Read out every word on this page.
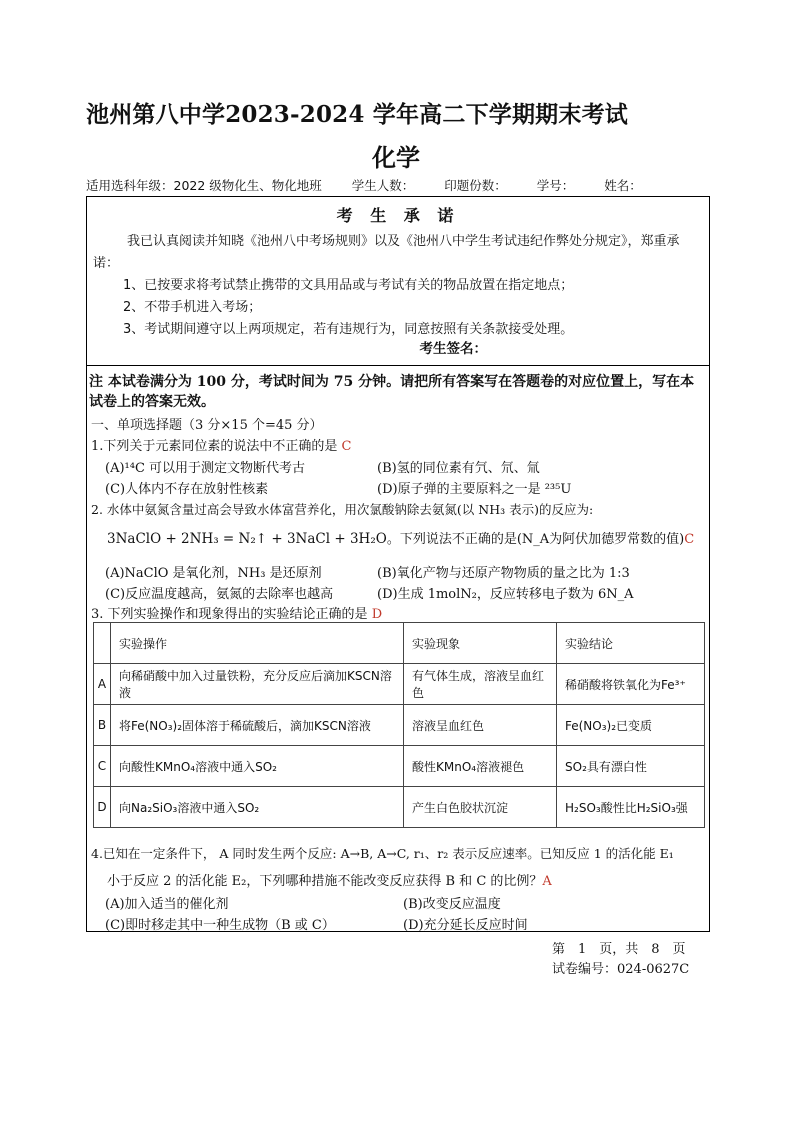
池州第八中学2023-2024 学年高二下学期期末考试
化学
适用选科年级：2022 级物化生、物化地班 学生人数： 印题份数： 学号： 姓名：
考 生 承 诺

我已认真阅读并知晓《池州八中考场规则》以及《池州八中学生考试违纪作弊处分规定》，郑重承诺：

1、已按要求将考试禁止携带的文具用品或与考试有关的物品放置在指定地点；

2、不带手机进入考场；

3、考试期间遵守以上两项规定，若有违规行为，同意按照有关条款接受处理。

考生签名：
注 本试卷满分为 100 分，考试时间为 75 分钟。请把所有答案写在答题卷的对应位置上，写在本试卷上的答案无效。
一、单项选择题（3 分×15 个=45 分）
1.下列关于元素同位素的说法中不正确的是 C
(A)¹⁴C 可以用于测定文物断代考古	(B)氢的同位素有氕、氘、氚
(C)人体内不存在放射性核素	(D)原子弹的主要原料之一是 ²³⁵U
2. 水体中氨氮含量过高会导致水体富营养化，用次氯酸钠除去氨氮(以 NH₃ 表示)的反应为:
3NaClO + 2NH₃ = N₂↑ + 3NaCl + 3H₂O。下列说法不正确的是(N_A为阿伏加德罗常数的值)C
(A)NaClO 是氧化剂，NH₃ 是还原剂	(B)氧化产物与还原产物物质的量之比为 1:3
(C)反应温度越高，氨氮的去除率也越高	(D)生成 1molN₂，反应转移电子数为 6N_A
3. 下列实验操作和现象得出的实验结论正确的是 D
	实验操作	实验现象	实验结论
A	向稀硝酸中加入过量铁粉，充分反应后滴加KSCN溶液	有气体生成，溶液呈血红色	稀硝酸将铁氧化为Fe³⁺
B	将Fe(NO₃)₂固体溶于稀硫酸后，滴加KSCN溶液	溶液呈血红色	Fe(NO₃)₂已变质
C	向酸性KMnO₄溶液中通入SO₂	酸性KMnO₄溶液褪色	SO₂具有漂白性
D	向Na₂SiO₃溶液中通入SO₂	产生白色胶状沉淀	H₂SO₃酸性比H₂SiO₃强
4.已知在一定条件下， A 同时发生两个反应: A→B, A→C, r₁、r₂ 表示反应速率。已知反应 1 的活化能 E₁
小于反应 2 的活化能 E₂，下列哪种措施不能改变反应获得 B 和 C 的比例？A
(A)加入适当的催化剂	(B)改变反应温度
(C)即时移走其中一种生成物（B 或 C）	(D)充分延长反应时间
第　1　页，共　8　页
试卷编号：024-0627C
